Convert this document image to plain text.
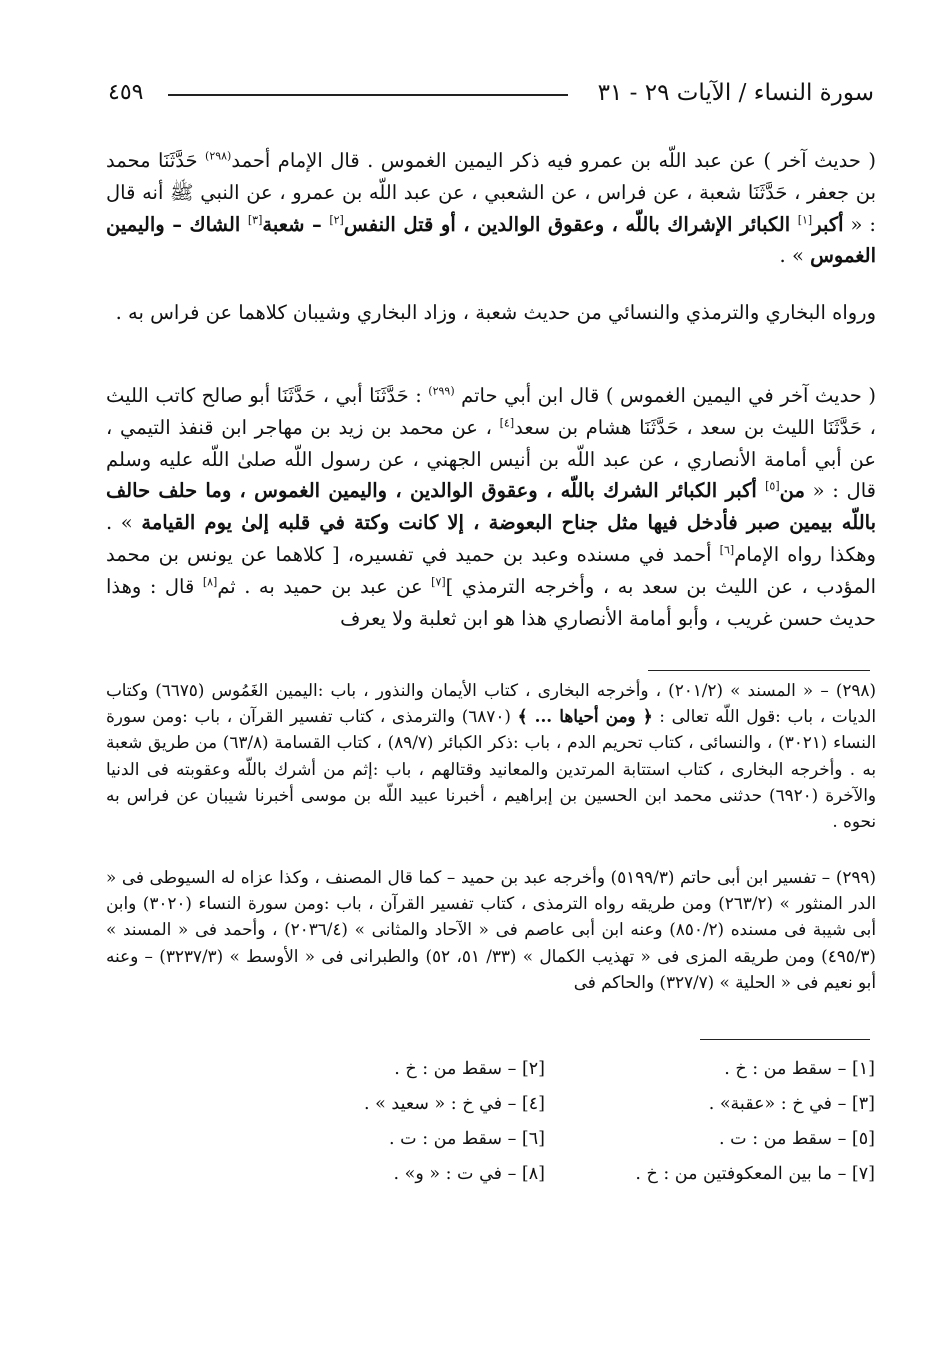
سورة النساء / الآيات ٢٩ - ٣١
٤٥٩

( حديث آخر ) عن عبد اللّه بن عمرو فيه ذكر اليمين الغموس . قال الإمام أحمد$^{(٢٩٨)}$ حَدَّثَنَا محمد بن جعفر ، حَدَّثَنَا شعبة ، عن فراس ، عن الشعبي ، عن عبد اللّه بن عمرو ، عن النبي ﷺ أنه قال : « أكبر[١] الكبائر الإشراك باللّه ، وعقوق الوالدين ، أو قتل النفس[٢] – شعبة[٣] الشاك – واليمين الغموس » .

ورواه البخاري والترمذي والنسائي من حديث شعبة ، وزاد البخاري وشيبان كلاهما عن فراس به .

( حديث آخر في اليمين الغموس ) قال ابن أبي حاتم $^{(٢٩٩)}$ : حَدَّثَنَا أبي ، حَدَّثَنَا أبو صالح كاتب الليث ، حَدَّثَنَا الليث بن سعد ، حَدَّثَنَا هشام بن سعد[٤] ، عن محمد بن زيد بن مهاجر ابن قنفذ التيمي ، عن أبي أمامة الأنصاري ، عن عبد اللّه بن أنيس الجهني ، عن رسول اللّه صلىٰ اللّه عليه وسلم قال : « من[٥] أكبر الكبائر الشرك باللّه ، وعقوق الوالدين ، واليمين الغموس ، وما حلف حالف باللّه بيمين صبر فأدخل فيها مثل جناح البعوضة ، إلا كانت وكتة في قلبه إلىٰ يوم القيامة » . وهكذا رواه الإمام[٦] أحمد في مسنده وعبد بن حميد في تفسيره، [ كلاهما عن يونس بن محمد المؤدب ، عن الليث بن سعد به ، وأخرجه الترمذي ][٧] عن عبد بن حميد به . ثم[٨] قال : وهذا حديث حسن غريب ، وأبو أمامة الأنصاري هذا هو ابن ثعلبة ولا يعرف

(٢٩٨) – « المسند » (٢٠١/٢) ، وأخرجه البخارى ، كتاب الأيمان والنذور ، باب :اليمين الغَمُوس (٦٦٧٥) وكتاب الديات ، باب :قول اللّه تعالى : ﴿ ومن أحياها ... ﴾ (٦٨٧٠) والترمذى ، كتاب تفسير القرآن ، باب :ومن سورة النساء (٣٠٢١) ، والنسائى ، كتاب تحريم الدم ، باب :ذكر الكبائر (٨٩/٧) ، كتاب القسامة (٦٣/٨) من طريق شعبة به . وأخرجه البخارى ، كتاب استتابة المرتدين والمعانيد وقتالهم ، باب :إثم من أشرك باللّه وعقوبته فى الدنيا والآخرة (٦٩٢٠) حدثنى محمد ابن الحسين بن إبراهيم ، أخبرنا عبيد اللّه بن موسى أخبرنا شيبان عن فراس به نحوه .

(٢٩٩) – تفسير ابن أبى حاتم (٥١٩٩/٣) وأخرجه عبد بن حميد – كما قال المصنف ، وكذا عزاه له السيوطى فى « الدر المنثور » (٢٦٣/٢) ومن طريقه رواه الترمذى ، كتاب تفسير القرآن ، باب :ومن سورة النساء (٣٠٢٠) وابن أبى شيبة فى مسنده (٨٥٠/٢) وعنه ابن أبى عاصم فى « الآحاد والمثانى » (٢٠٣٦/٤) ، وأحمد فى « المسند » (٤٩٥/٣) ومن طريقه المزى فى « تهذيب الكمال » (٣٣/ ٥١، ٥٢) والطبرانى فى « الأوسط » (٣٢٣٧/٣) – وعنه أبو نعيم فى « الحلية » (٣٢٧/٧) والحاكم فى

[١] – سقط من : خ .
[٣] – في خ : «عقبة» .
[٥] – سقط من : ت .
[٧] – ما بين المعكوفتين من : خ .
[٢] – سقط من : خ .
[٤] – في خ : « سعيد » .
[٦] – سقط من : ت .
[٨] – في ت : « و» .
